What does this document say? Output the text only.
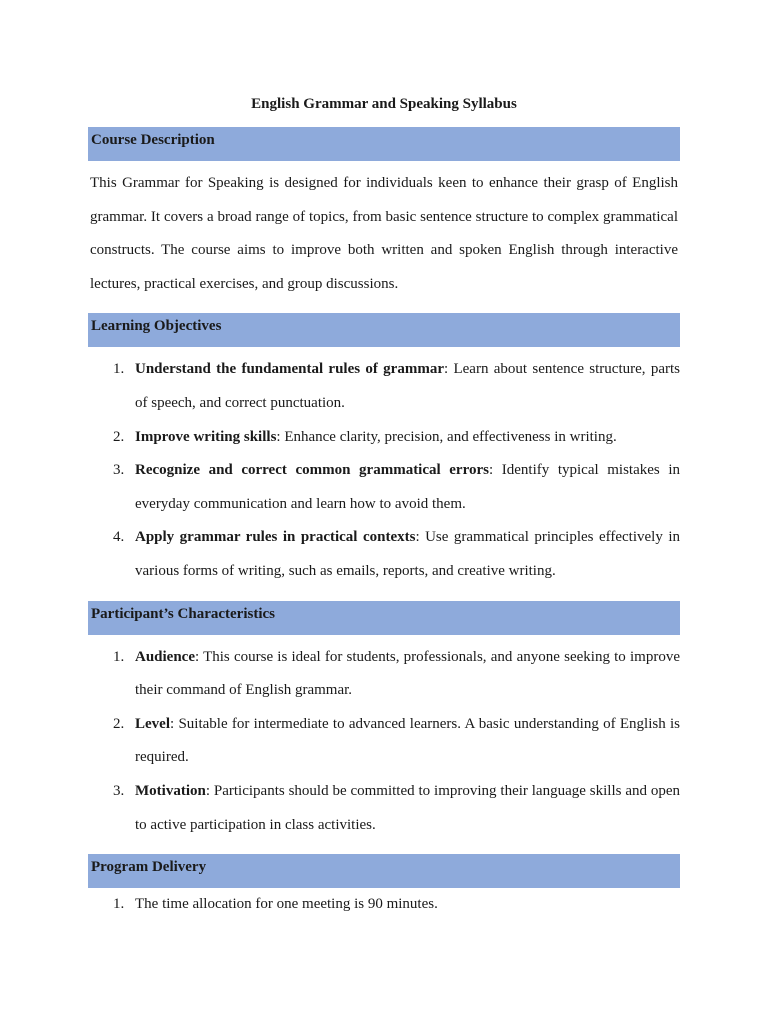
English Grammar and Speaking Syllabus
Course Description

This Grammar for Speaking is designed for individuals keen to enhance their grasp of English grammar. It covers a broad range of topics, from basic sentence structure to complex grammatical constructs. The course aims to improve both written and spoken English through interactive lectures, practical exercises, and group discussions.

Learning Objectives
1. Understand the fundamental rules of grammar: Learn about sentence structure, parts of speech, and correct punctuation.
2. Improve writing skills: Enhance clarity, precision, and effectiveness in writing.
3. Recognize and correct common grammatical errors: Identify typical mistakes in everyday communication and learn how to avoid them.
4. Apply grammar rules in practical contexts: Use grammatical principles effectively in various forms of writing, such as emails, reports, and creative writing.
Participant’s Characteristics
1. Audience: This course is ideal for students, professionals, and anyone seeking to improve their command of English grammar.
2. Level: Suitable for intermediate to advanced learners. A basic understanding of English is required.
3. Motivation: Participants should be committed to improving their language skills and open to active participation in class activities.
Program Delivery
1. The time allocation for one meeting is 90 minutes.
